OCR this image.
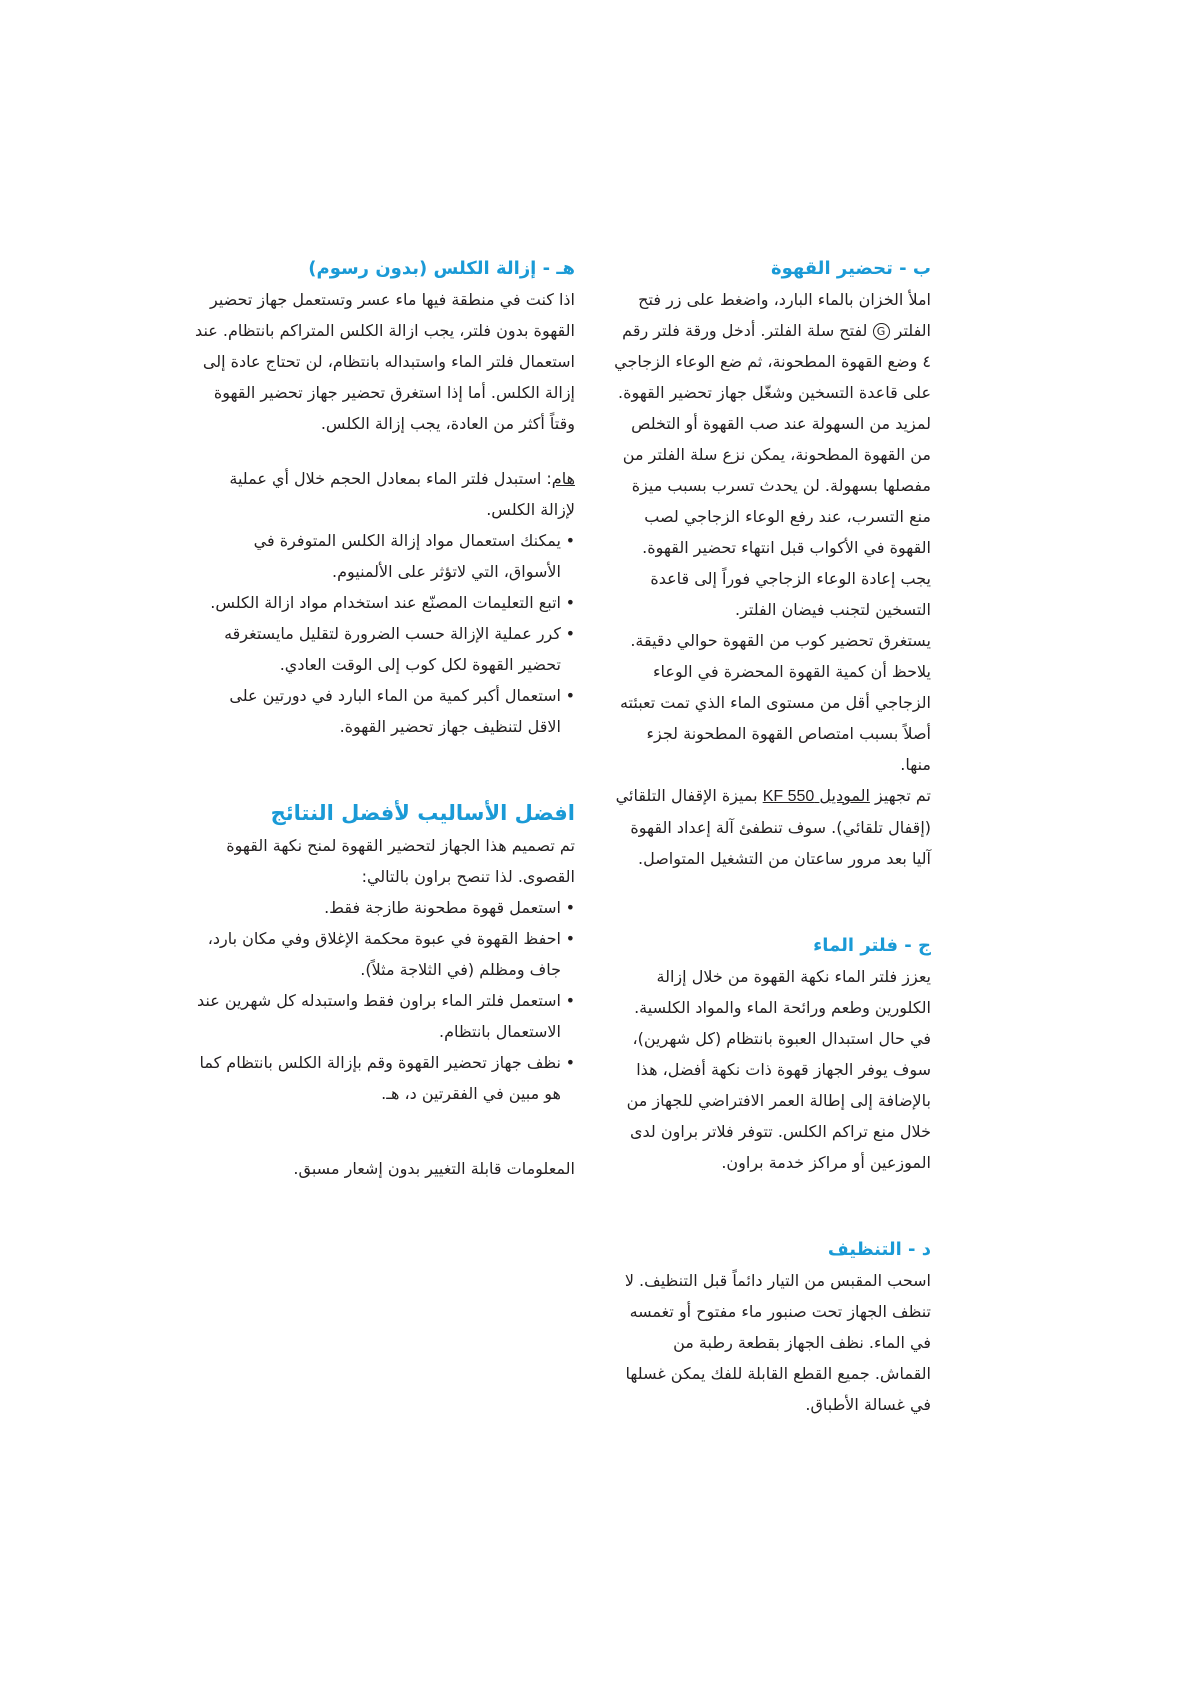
ب - تحضير القهوة

املأ الخزان بالماء البارد، واضغط على زر فتح الفلتر G لفتح سلة الفلتر. أدخل ورقة فلتر رقم ٤ وضع القهوة المطحونة، ثم ضع الوعاء الزجاجي على قاعدة التسخين وشغّل جهاز تحضير القهوة. لمزيد من السهولة عند صب القهوة أو التخلص من القهوة المطحونة، يمكن نزع سلة الفلتر من مفصلها بسهولة. لن يحدث تسرب بسبب ميزة منع التسرب، عند رفع الوعاء الزجاجي لصب القهوة في الأكواب قبل انتهاء تحضير القهوة. يجب إعادة الوعاء الزجاجي فوراً إلى قاعدة التسخين لتجنب فيضان الفلتر.

يستغرق تحضير كوب من القهوة حوالي دقيقة. يلاحظ أن كمية القهوة المحضرة في الوعاء الزجاجي أقل من مستوى الماء الذي تمت تعبئته أصلاً بسبب امتصاص القهوة المطحونة لجزء منها.

تم تجهيز الموديل KF 550 بميزة الإقفال التلقائي (إقفال تلقائي). سوف تنطفئ آلة إعداد القهوة آليا بعد مرور ساعتان من التشغيل المتواصل.

ج - فلتر الماء

يعزز فلتر الماء نكهة القهوة من خلال إزالة الكلورين وطعم ورائحة الماء والمواد الكلسية. في حال استبدال العبوة بانتظام (كل شهرين)، سوف يوفر الجهاز قهوة ذات نكهة أفضل، هذا بالإضافة إلى إطالة العمر الافتراضي للجهاز من خلال منع تراكم الكلس. تتوفر فلاتر براون لدى الموزعين أو مراكز خدمة براون.

د - التنظيف

اسحب المقبس من التيار دائماً قبل التنظيف. لا تنظف الجهاز تحت صنبور ماء مفتوح أو تغمسه في الماء. نظف الجهاز بقطعة رطبة من القماش. جميع القطع القابلة للفك يمكن غسلها في غسالة الأطباق.

هـ - إزالة الكلس (بدون رسوم)

اذا كنت في منطقة فيها ماء عسر وتستعمل جهاز تحضير القهوة بدون فلتر، يجب ازالة الكلس المتراكم بانتظام. عند استعمال فلتر الماء واستبداله بانتظام، لن تحتاج عادة إلى إزالة الكلس. أما إذا استغرق تحضير جهاز تحضير القهوة وقتاً أكثر من العادة، يجب إزالة الكلس.

هام: استبدل فلتر الماء بمعادل الحجم خلال أي عملية لإزالة الكلس.

• يمكنك استعمال مواد إزالة الكلس المتوفرة في الأسواق، التي لاتؤثر على الألمنيوم.
• اتبع التعليمات المصنّع عند استخدام مواد ازالة الكلس.
• كرر عملية الإزالة حسب الضرورة لتقليل مايستغرقه تحضير القهوة لكل كوب إلى الوقت العادي.
• استعمال أكبر كمية من الماء البارد في دورتين على الاقل لتنظيف جهاز تحضير القهوة.
افضل الأساليب لأفضل النتائج

تم تصميم هذا الجهاز لتحضير القهوة لمنح نكهة القهوة القصوى. لذا تنصح براون بالتالي:

• استعمل قهوة مطحونة طازجة فقط.
• احفظ القهوة في عبوة محكمة الإغلاق وفي مكان بارد، جاف ومظلم (في الثلاجة مثلاً).
• استعمل فلتر الماء براون فقط واستبدله كل شهرين عند الاستعمال بانتظام.
• نظف جهاز تحضير القهوة وقم بإزالة الكلس بانتظام كما هو مبين في الفقرتين د، هـ.

المعلومات قابلة التغيير بدون إشعار مسبق.
